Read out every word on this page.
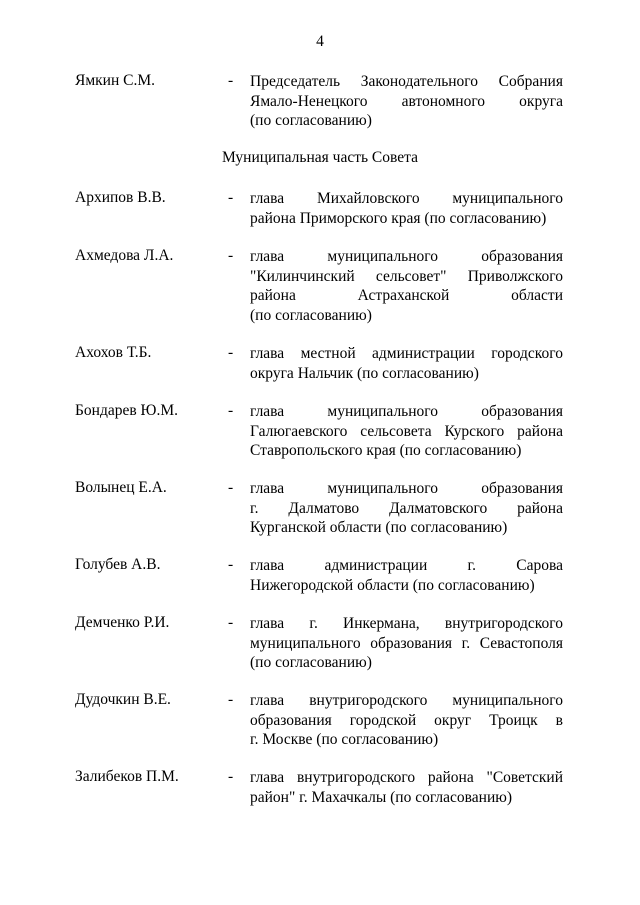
4
Ямкин С.М.	- Председатель Законодательного Собрания
Ямало-Ненецкого автономного округа
(по согласованию)
Муниципальная часть Совета
Архипов В.В.	- глава Михайловского муниципального
района Приморского края (по согласованию)
Ахмедова Л.А.	- глава муниципального образования
"Килинчинский сельсовет" Приволжского
района Астраханской области
(по согласованию)
Ахохов Т.Б.	- глава местной администрации городского
округа Нальчик (по согласованию)
Бондарев Ю.М.	- глава муниципального образования
Галюгаевского сельсовета Курского района
Ставропольского края (по согласованию)
Волынец Е.А.	- глава муниципального образования
г. Далматово Далматовского района
Курганской области (по согласованию)
Голубев А.В.	- глава администрации г. Сарова
Нижегородской области (по согласованию)
Демченко Р.И.	- глава г. Инкермана, внутригородского
муниципального образования г. Севастополя
(по согласованию)
Дудочкин В.Е.	- глава внутригородского муниципального
образования городской округ Троицк в
г. Москве (по согласованию)
Залибеков П.М.	- глава внутригородского района "Советский
район" г. Махачкалы (по согласованию)
